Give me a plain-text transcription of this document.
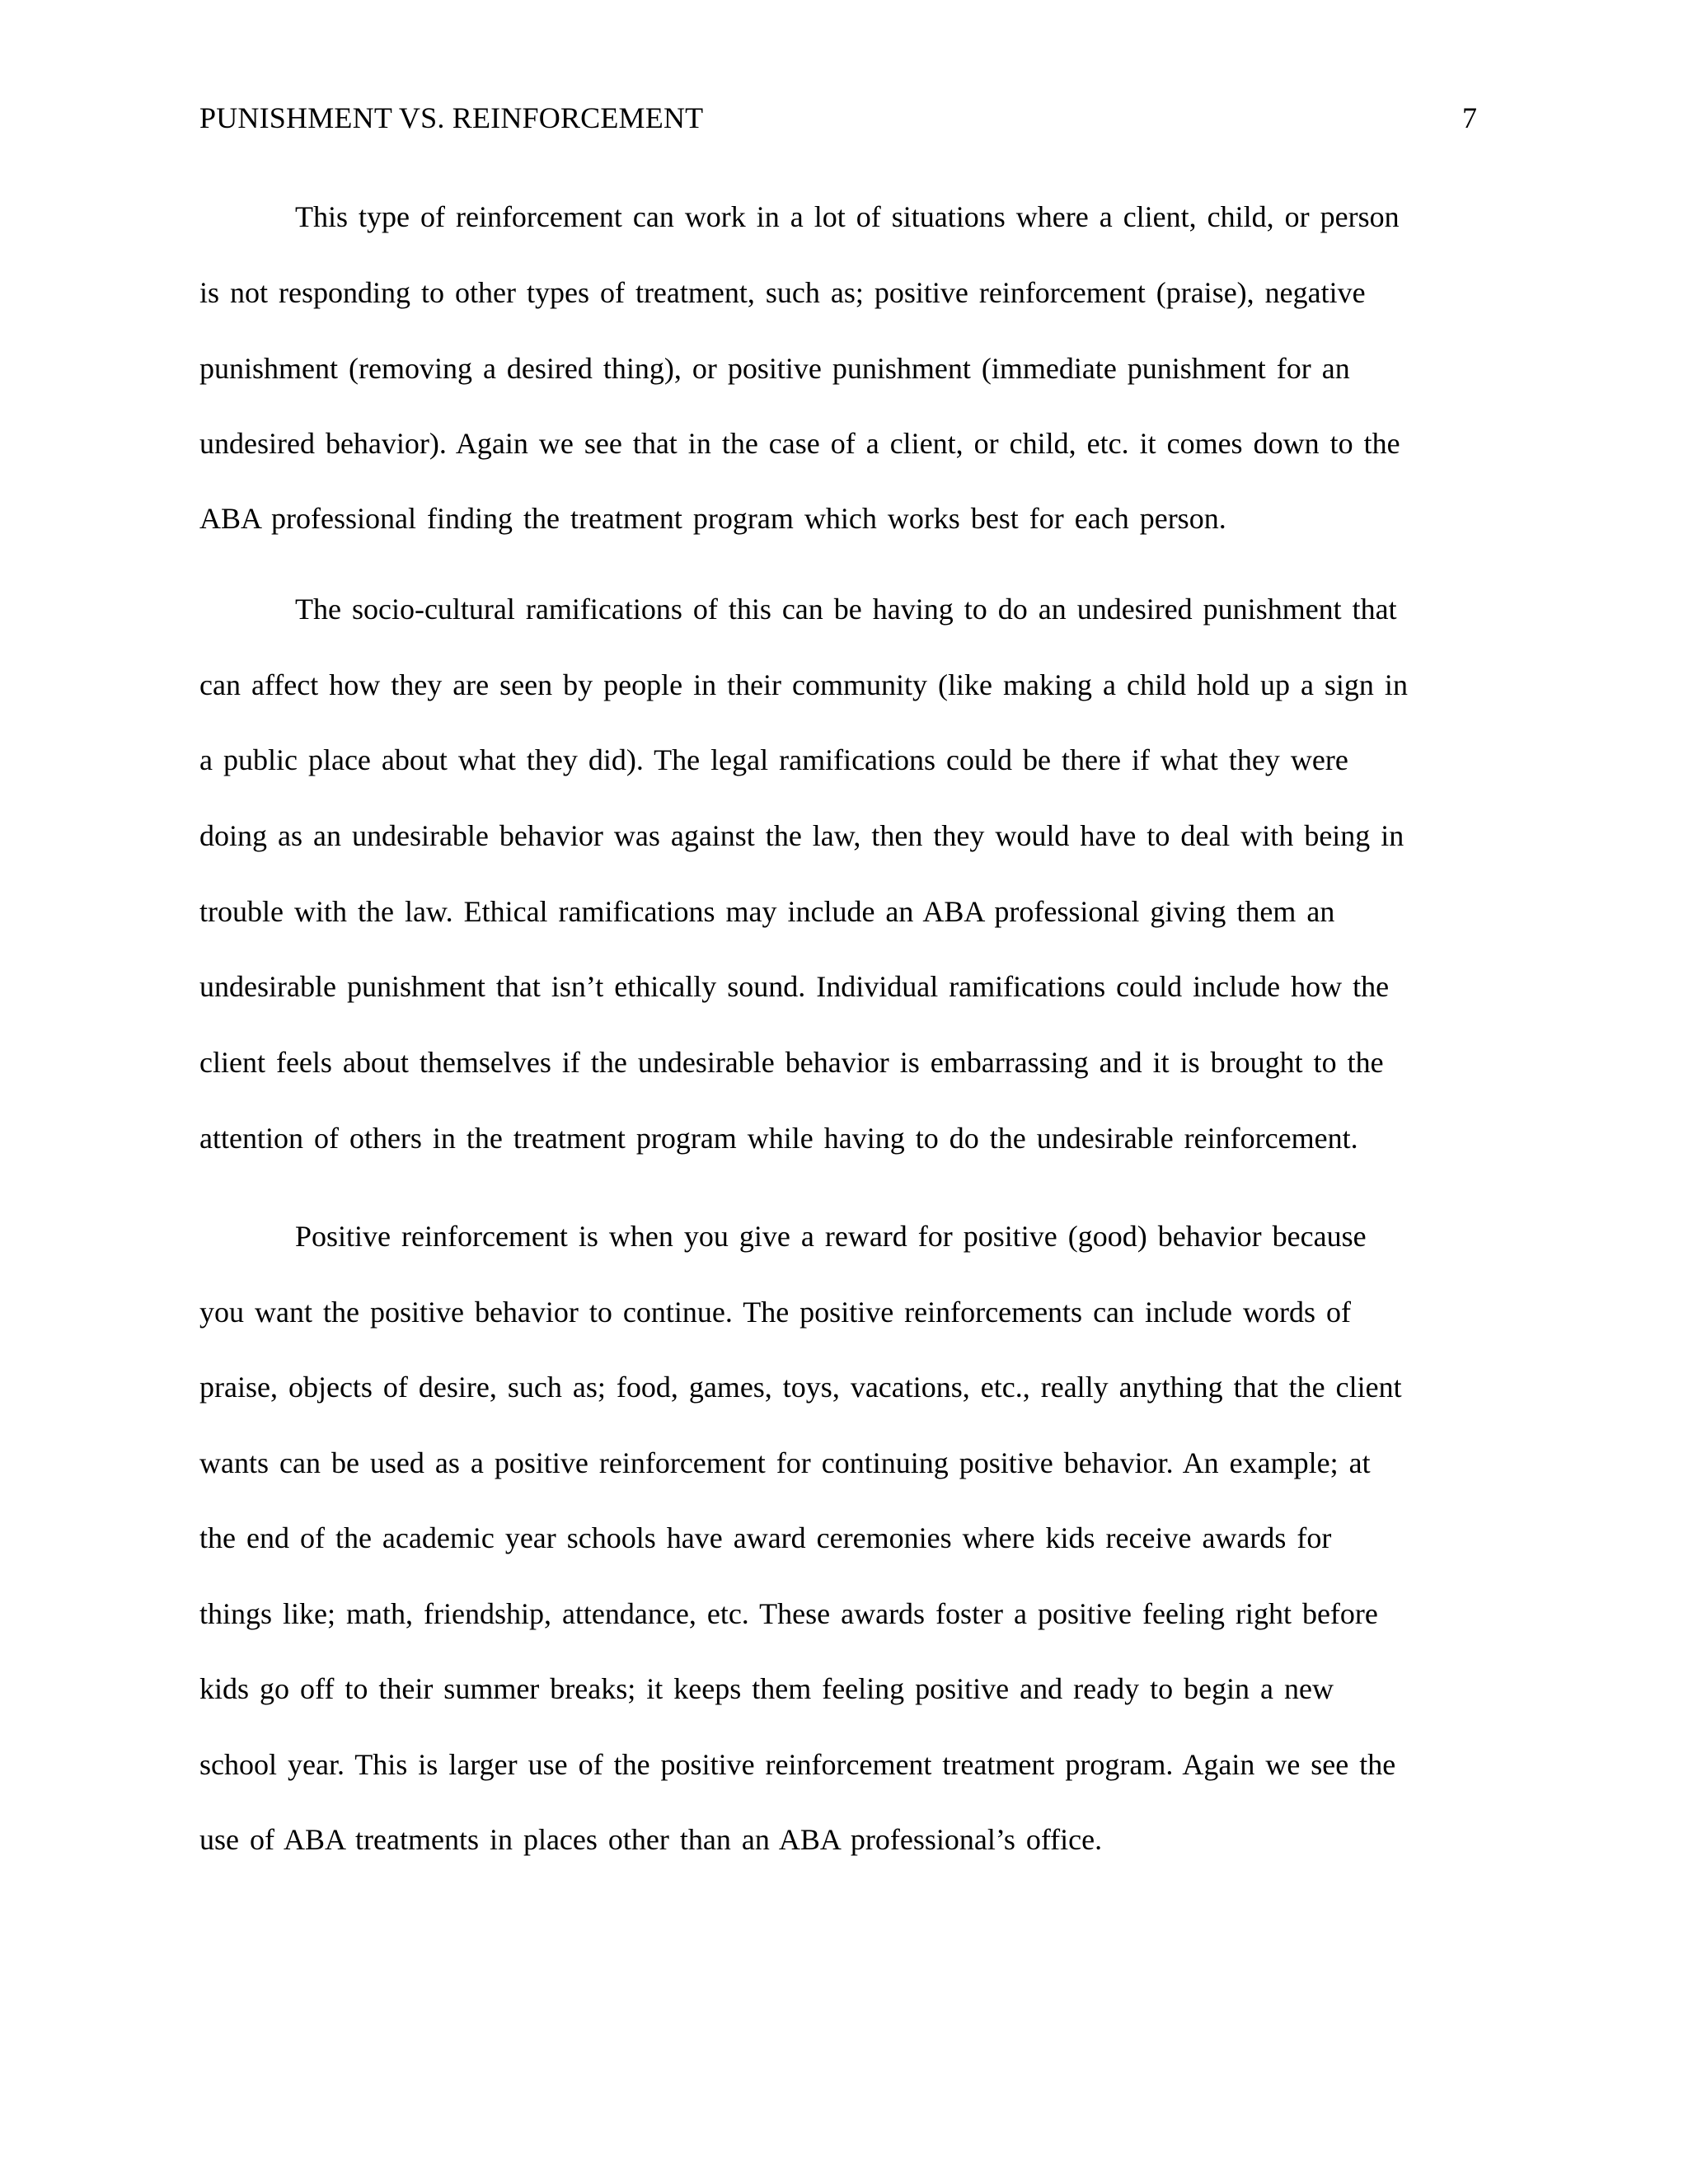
PUNISHMENT VS. REINFORCEMENT	7
This type of reinforcement can work in a lot of situations where a client, child, or person
is not responding to other types of treatment, such as; positive reinforcement (praise), negative
punishment (removing a desired thing), or positive punishment (immediate punishment for an
undesired behavior). Again we see that in the case of a client, or child, etc. it comes down to the
ABA professional finding the treatment program which works best for each person.
The socio-cultural ramifications of this can be having to do an undesired punishment that
can affect how they are seen by people in their community (like making a child hold up a sign in
a public place about what they did). The legal ramifications could be there if what they were
doing as an undesirable behavior was against the law, then they would have to deal with being in
trouble with the law. Ethical ramifications may include an ABA professional giving them an
undesirable punishment that isn’t ethically sound. Individual ramifications could include how the
client feels about themselves if the undesirable behavior is embarrassing and it is brought to the
attention of others in the treatment program while having to do the undesirable reinforcement.
Positive reinforcement is when you give a reward for positive (good) behavior because
you want the positive behavior to continue. The positive reinforcements can include words of
praise, objects of desire, such as; food, games, toys, vacations, etc., really anything that the client
wants can be used as a positive reinforcement for continuing positive behavior. An example; at
the end of the academic year schools have award ceremonies where kids receive awards for
things like; math, friendship, attendance, etc. These awards foster a positive feeling right before
kids go off to their summer breaks; it keeps them feeling positive and ready to begin a new
school year. This is larger use of the positive reinforcement treatment program. Again we see the
use of ABA treatments in places other than an ABA professional’s office.
